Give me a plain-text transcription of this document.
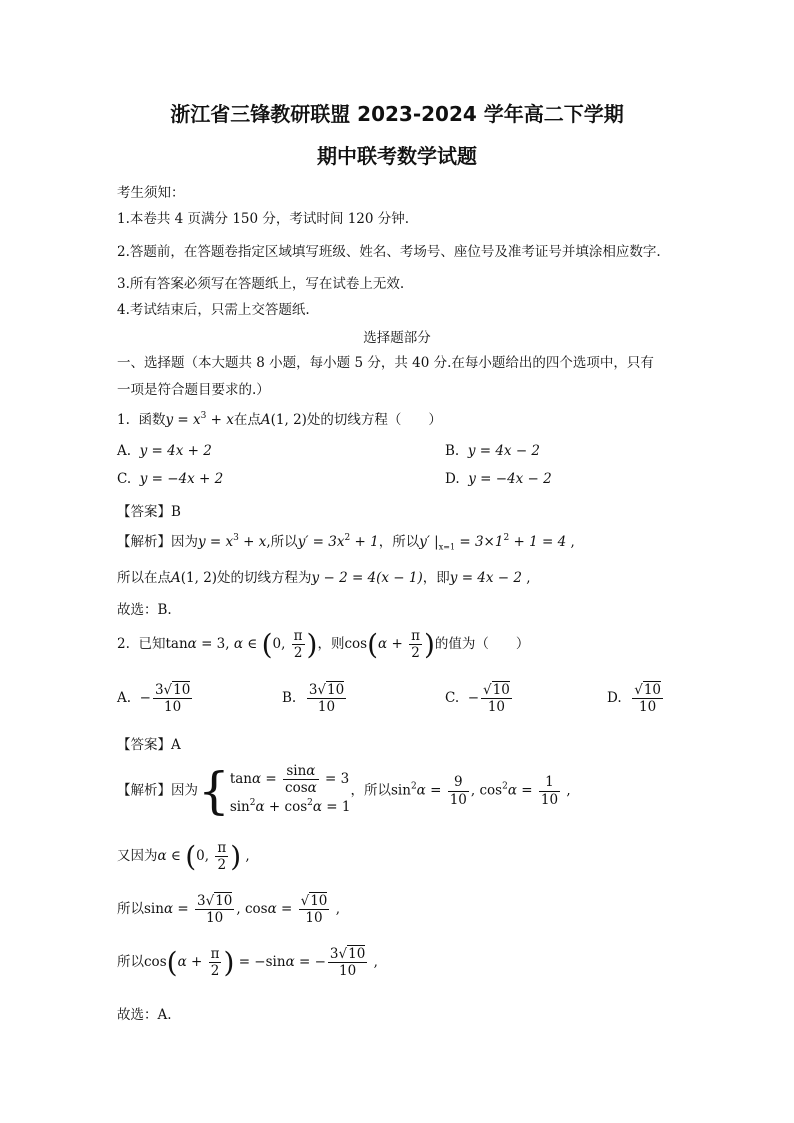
浙江省三锋教研联盟 2023-2024 学年高二下学期
期中联考数学试题
考生须知：
1.本卷共 4 页满分 150 分，考试时间 120 分钟.
2.答题前，在答题卷指定区域填写班级、姓名、考场号、座位号及准考证号并填涂相应数字.
3.所有答案必须写在答题纸上，写在试卷上无效.
4.考试结束后，只需上交答题纸.
选择题部分
一、选择题（本大题共 8 小题，每小题 5 分，共 40 分.在每小题给出的四个选项中，只有
一项是符合题目要求的.）
1. 函数$y = x^3 + x$在点A(1, 2)处的切线方程（　　）
A. y = 4x + 2	B. y = 4x − 2
C. y = −4x + 2	D. y = −4x − 2
【答案】B
【解析】因为$y = x^3 + x$,所以$y' = 3x^2 + 1$，所以y′ $|_{x=1} = 3\times 1^2 + 1 = 4$ ,
所以在点A(1, 2)处的切线方程为y − 2 = 4(x − 1)，即y = 4x − 2 ,
故选：B.
2. 已知tanα = 3, α ∈ (0, $\frac{\pi}{2}$ )，则$\cos(\alpha + \frac{\pi}{2}$ )的值为（　　）
A.  − $\frac{3√10}{10}$	B. $\frac{3√10}{10}$	C.  − $\frac{√10}{10}$	D. $\frac{√10}{10}$
【答案】A
【解析】因为{$\tan\alpha = \frac{\sin\alpha}{\cos\alpha} = 3$
$\sin^2\alpha + \cos^2\alpha = 1$，所以$\sin^2\alpha = \frac{9}{10}$ , $\cos^2\alpha = \frac{1}{10}$ ,
又因为α ∈ (0, $\frac{\pi}{2}$ ) ,
所以$\sin\alpha = \frac{3√10}{10}$ , $\cos\alpha = \frac{√10}{10}$ ,
所以$\cos(\alpha + \frac{\pi}{2}$ ) = −sinα = − $\frac{3√10}{10}$ ,
故选：A.
